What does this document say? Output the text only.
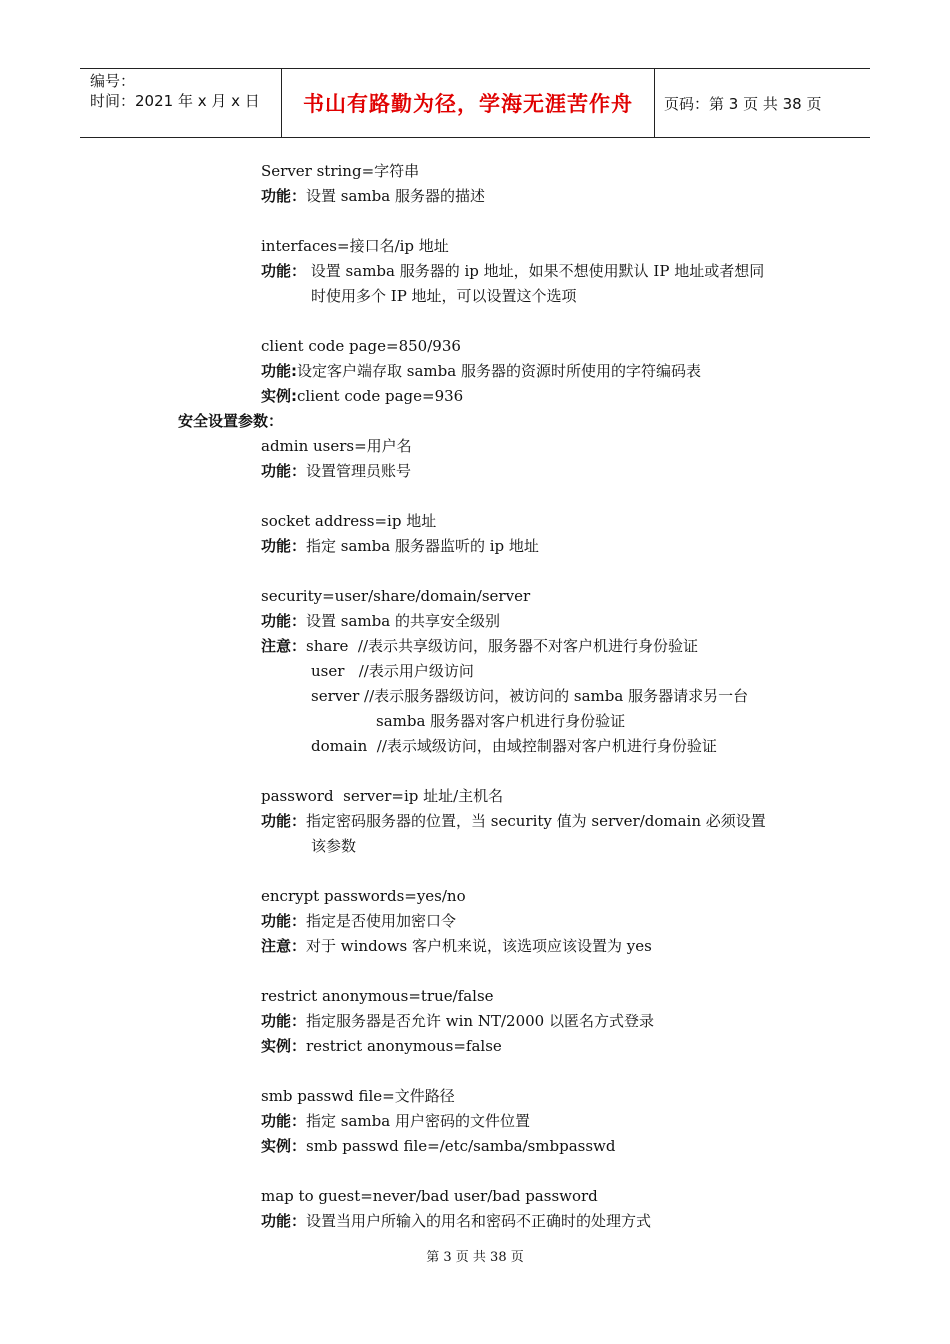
编号：
时间：2021 年 x 月 x 日	书山有路勤为径，学海无涯苦作舟	页码：第 3 页 共 38 页
Server string=字符串
功能：设置 samba 服务器的描述
interfaces=接口名/ip 地址
功能： 设置 samba 服务器的 ip 地址，如果不想使用默认 IP 地址或者想同
时使用多个 IP 地址，可以设置这个选项
client code page=850/936
功能:设定客户端存取 samba 服务器的资源时所使用的字符编码表
实例:client code page=936
安全设置参数：
admin users=用户名
功能：设置管理员账号
socket address=ip 地址
功能：指定 samba 服务器监听的 ip 地址
security=user/share/domain/server
功能：设置 samba 的共享安全级别
注意：share  //表示共享级访问，服务器不对客户机进行身份验证
user   //表示用户级访问
server //表示服务器级访问，被访问的 samba 服务器请求另一台
samba 服务器对客户机进行身份验证
domain  //表示域级访问，由域控制器对客户机进行身份验证
password  server=ip 址址/主机名
功能：指定密码服务器的位置，当 security 值为 server/domain 必须设置
该参数
encrypt passwords=yes/no
功能：指定是否使用加密口令
注意：对于 windows 客户机来说，该选项应该设置为 yes
restrict anonymous=true/false
功能：指定服务器是否允许 win NT/2000 以匿名方式登录
实例：restrict anonymous=false
smb passwd file=文件路径
功能：指定 samba 用户密码的文件位置
实例：smb passwd file=/etc/samba/smbpasswd
map to guest=never/bad user/bad password
功能：设置当用户所输入的用名和密码不正确时的处理方式
第 3 页 共 38 页
